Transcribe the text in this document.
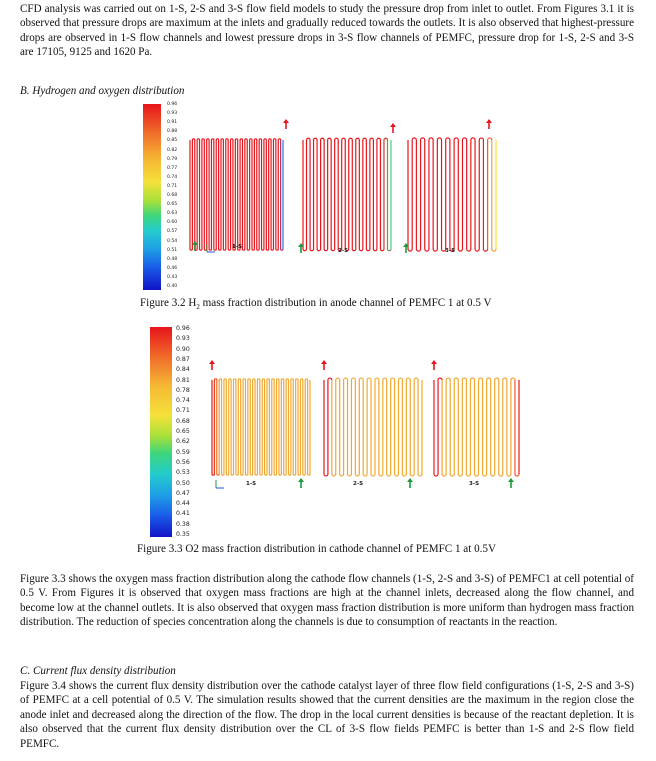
CFD analysis was carried out on 1-S, 2-S and 3-S flow field models to study the pressure drop from inlet to outlet. From Figures 3.1 it is observed that pressure drops are maximum at the inlets and gradually reduced towards the outlets. It is also observed that highest-pressure drops are observed in 1-S flow channels and lowest pressure drops in 3-S flow channels of PEMFC, pressure drop for 1-S, 2-S and 3-S are 17105, 9125 and 1620 Pa.

B. Hydrogen and oxygen distribution

0.96
0.93
0.91
0.88
0.85
0.82
0.79
0.77
0.74
0.71
0.68
0.65
0.63
0.60
0.57
0.54
0.51
0.48
0.46
0.43
0.40
1-S
2-S	3-S

Figure 3.2 $H_2$ mass fraction distribution in anode channel of PEMFC 1 at 0.5 V

0.96
0.93
0.90
0.87
0.84
0.81
0.78
0.74
0.71
0.68
0.65
0.62
0.59
0.56
0.53
0.50
0.47
0.44
0.41
0.38
0.35
1-S	2-S	3-S

Figure 3.3 O2 mass fraction distribution in cathode channel of PEMFC 1 at 0.5V

Figure 3.3 shows the oxygen mass fraction distribution along the cathode flow channels (1-S, 2-S and 3-S) of PEMFC1 at cell potential of 0.5 V. From Figures it is observed that oxygen mass fractions are high at the channel inlets, decreased along the flow channel, and become low at the channel outlets. It is also observed that oxygen mass fraction distribution is more uniform than hydrogen mass fraction distribution. The reduction of species concentration along the channels is due to consumption of reactants in the reaction.

C. Current flux density distribution

Figure 3.4 shows the current flux density distribution over the cathode catalyst layer of three flow field configurations (1-S, 2-S and 3-S) of PEMFC at a cell potential of 0.5 V. The simulation results showed that the current densities are the maximum in the region close the anode inlet and decreased along the direction of the flow. The drop in the local current densities is because of the reactant depletion. It is also observed that the current flux density distribution over the CL of 3-S flow fields PEMFC is better than 1-S and 2-S flow field PEMFC.
